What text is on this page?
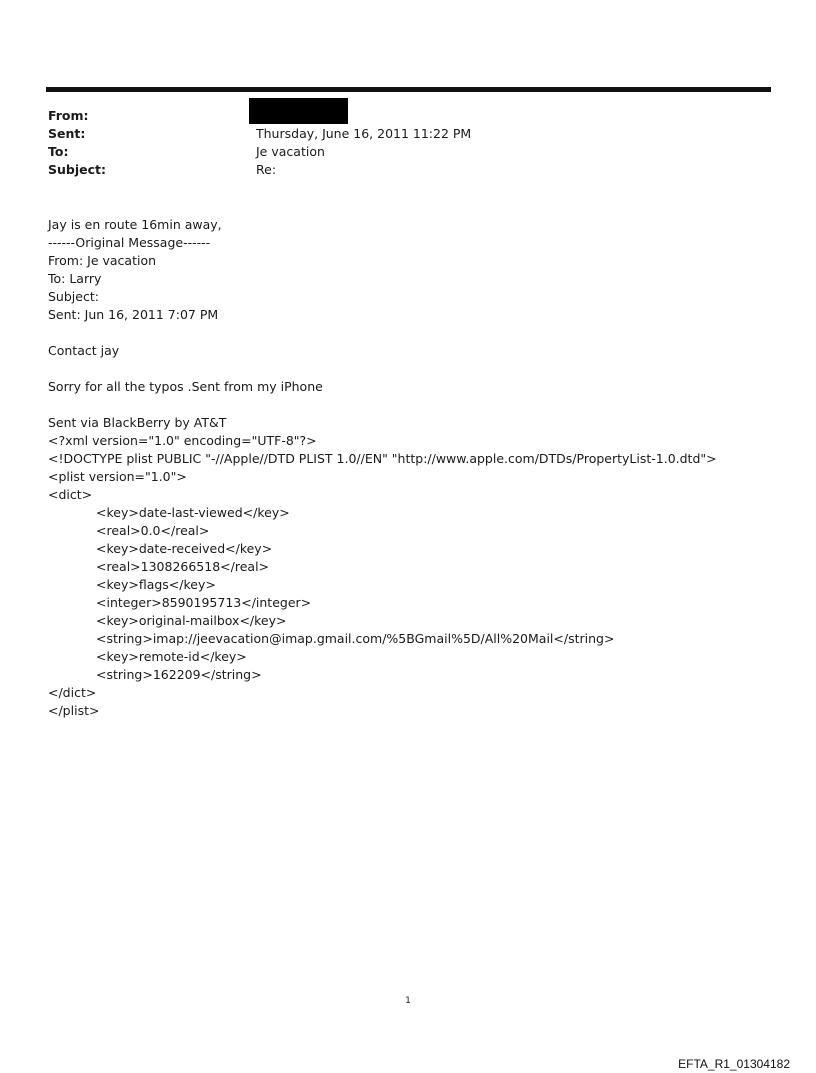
From:
Sent:	Thursday, June 16, 2011 11:22 PM
To:	Je vacation
Subject:	Re:
Jay is en route 16min away,
------Original Message------
From: Je vacation
To: Larry
Subject:
Sent: Jun 16, 2011 7:07 PM
Contact jay
Sorry for all the typos .Sent from my iPhone
Sent via BlackBerry by AT&T
<?xml version="1.0" encoding="UTF-8"?>
<!DOCTYPE plist PUBLIC "-//Apple//DTD PLIST 1.0//EN" "http://www.apple.com/DTDs/PropertyList-1.0.dtd">
<plist version="1.0">
<dict>
<key>date-last-viewed</key>
<real>0.0</real>
<key>date-received</key>
<real>1308266518</real>
<key>flags</key>
<integer>8590195713</integer>
<key>original-mailbox</key>
<string>imap://jeevacation@imap.gmail.com/%5BGmail%5D/All%20Mail</string>
<key>remote-id</key>
<string>162209</string>
</dict>
</plist>
1
EFTA_R1_01304182
